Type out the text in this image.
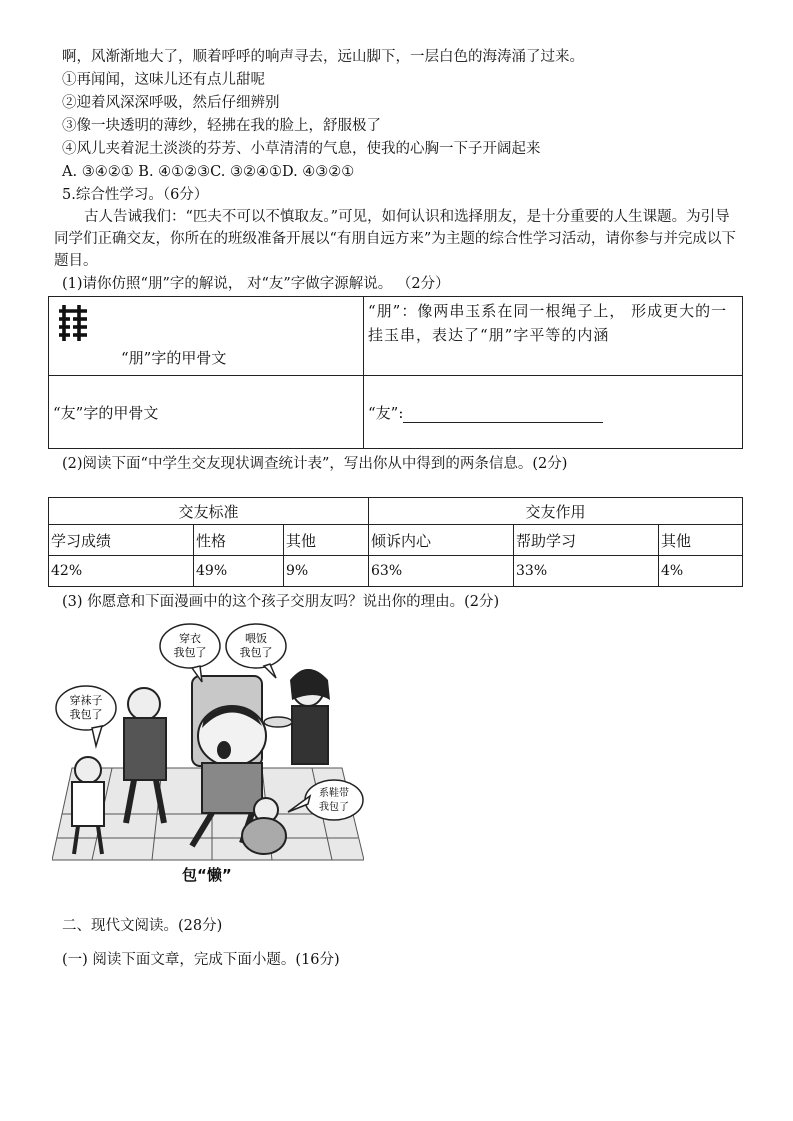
啊，风渐渐地大了，顺着呼呼的响声寻去，远山脚下，一层白色的海涛涌了过来。
①再闻闻，这味儿还有点儿甜呢
②迎着风深深呼吸，然后仔细辨别
③像一块透明的薄纱，轻拂在我的脸上，舒服极了
④风儿夹着泥土淡淡的芬芳、小草清清的气息，使我的心胸一下子开阔起来
A. ③④②① B. ④①②③C. ③②④①D. ④③②①
5.综合性学习。（6分）

古人告诫我们：“匹夫不可以不慎取友。”可见，如何认识和选择朋友，是十分重要的人生课题。为引导同学们正确交友，你所在的班级准备开展以“有朋自远方来”为主题的综合性学习活动，请你参与并完成以下题目。

(1)请你仿照“朋”字的解说， 对“友”字做字源解说。 （2分）
“朋”字的甲骨文	“朋”：像两串玉系在同一根绳子上， 形成更大的一挂玉串，表达了“朋”字平等的内涵

“友”字的甲骨文	“友”:
(2)阅读下面“中学生交友现状调查统计表”，写出你从中得到的两条信息。(2分)
交友标准			交友作用		
学习成绩	性格	其他	倾诉内心	帮助学习	其他
42%	49%	9%	63%	33%	4%
(3) 你愿意和下面漫画中的这个孩子交朋友吗？说出你的理由。(2分)
穿衣
我包了
喂饭
我包了
穿袜子
我包了
系鞋带
我包了
包“懒”
二、现代文阅读。(28分)
(一) 阅读下面文章，完成下面小题。(16分)
